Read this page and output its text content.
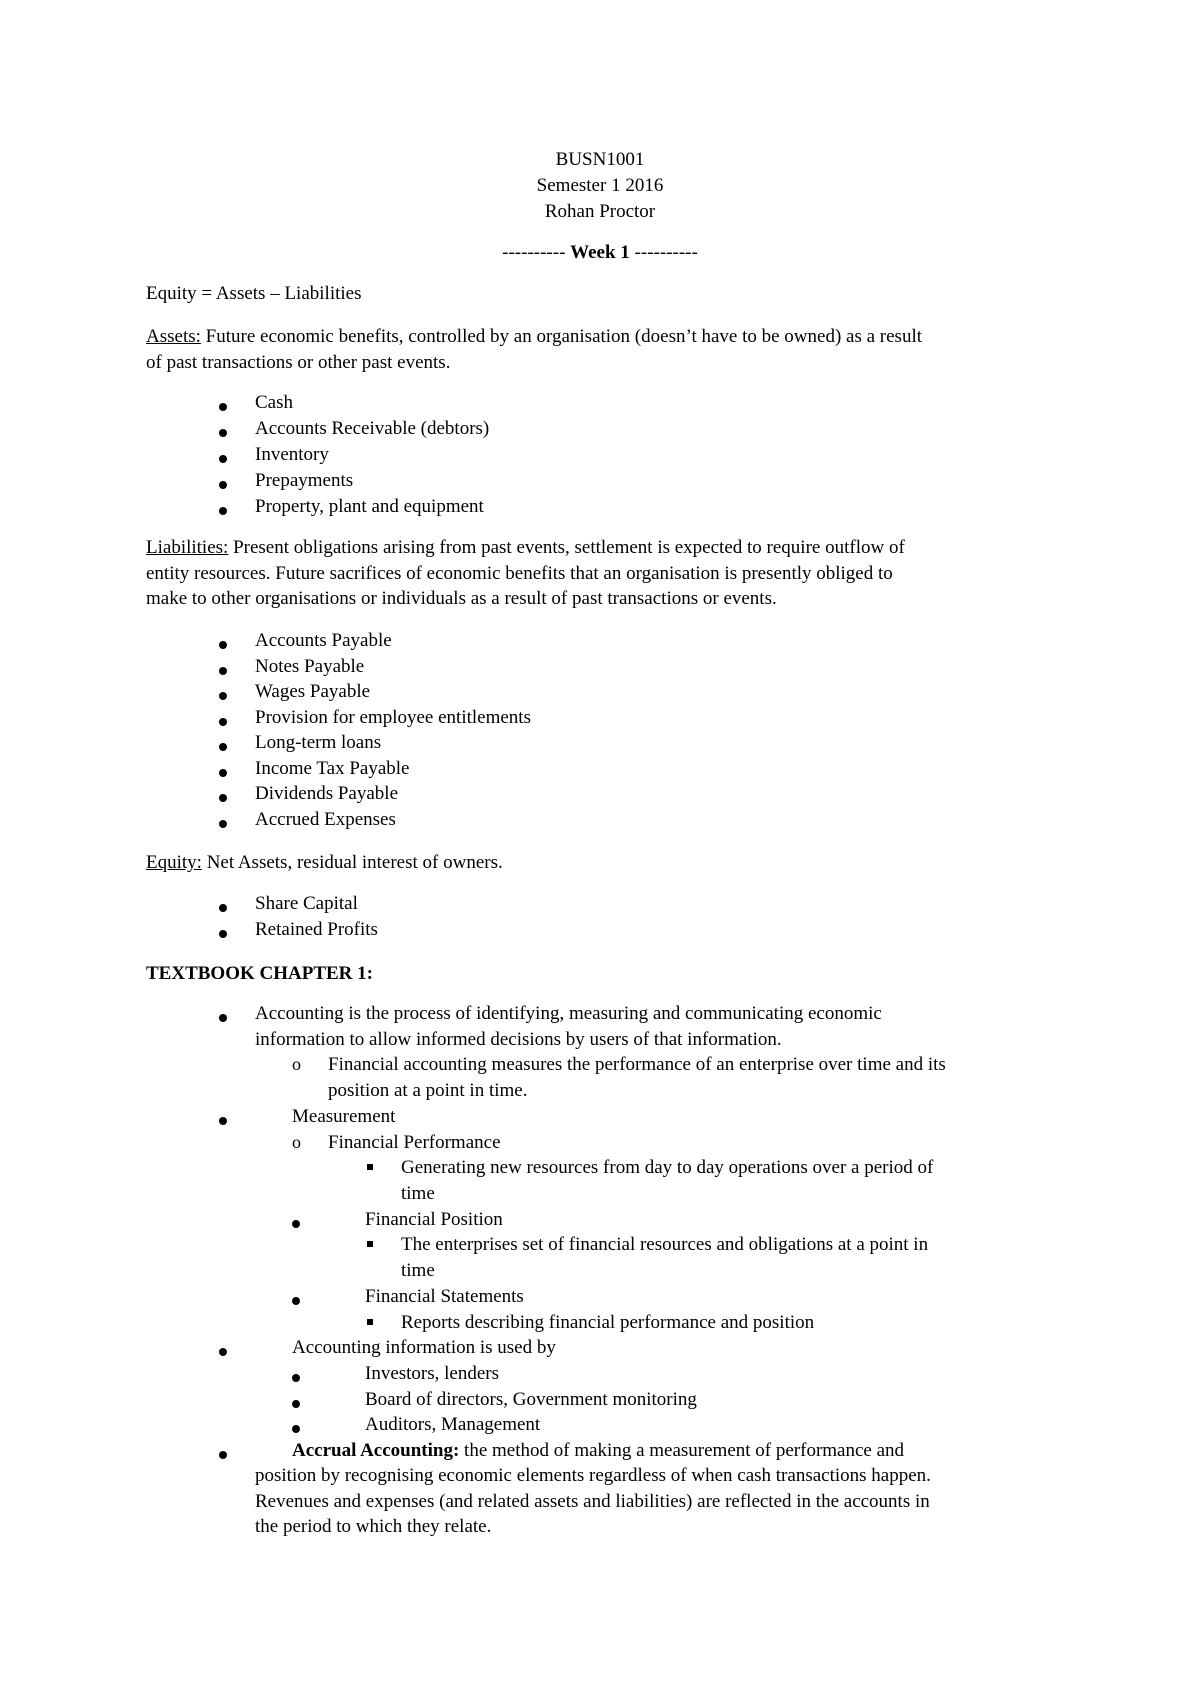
BUSN1001
Semester 1 2016
Rohan Proctor
---------- Week 1 ----------
Equity = Assets – Liabilities
Assets: Future economic benefits, controlled by an organisation (doesn’t have to be owned) as a result
of past transactions or other past events.
Cash
Accounts Receivable (debtors)
Inventory
Prepayments
Property, plant and equipment
Liabilities: Present obligations arising from past events, settlement is expected to require outflow of
entity resources. Future sacrifices of economic benefits that an organisation is presently obliged to
make to other organisations or individuals as a result of past transactions or events.
Accounts Payable
Notes Payable
Wages Payable
Provision for employee entitlements
Long-term loans
Income Tax Payable
Dividends Payable
Accrued Expenses
Equity: Net Assets, residual interest of owners.
Share Capital
Retained Profits
TEXTBOOK CHAPTER 1:
Accounting is the process of identifying, measuring and communicating economic
information to allow informed decisions by users of that information.
o Financial accounting measures the performance of an enterprise over time and its
position at a point in time.
Measurement
o Financial Performance
Generating new resources from day to day operations over a period of
time
Financial Position
The enterprises set of financial resources and obligations at a point in
time
Financial Statements
Reports describing financial performance and position
Accounting information is used by
Investors, lenders
Board of directors, Government monitoring
Auditors, Management
Accrual Accounting: the method of making a measurement of performance and
position by recognising economic elements regardless of when cash transactions happen.
Revenues and expenses (and related assets and liabilities) are reflected in the accounts in
the period to which they relate.
